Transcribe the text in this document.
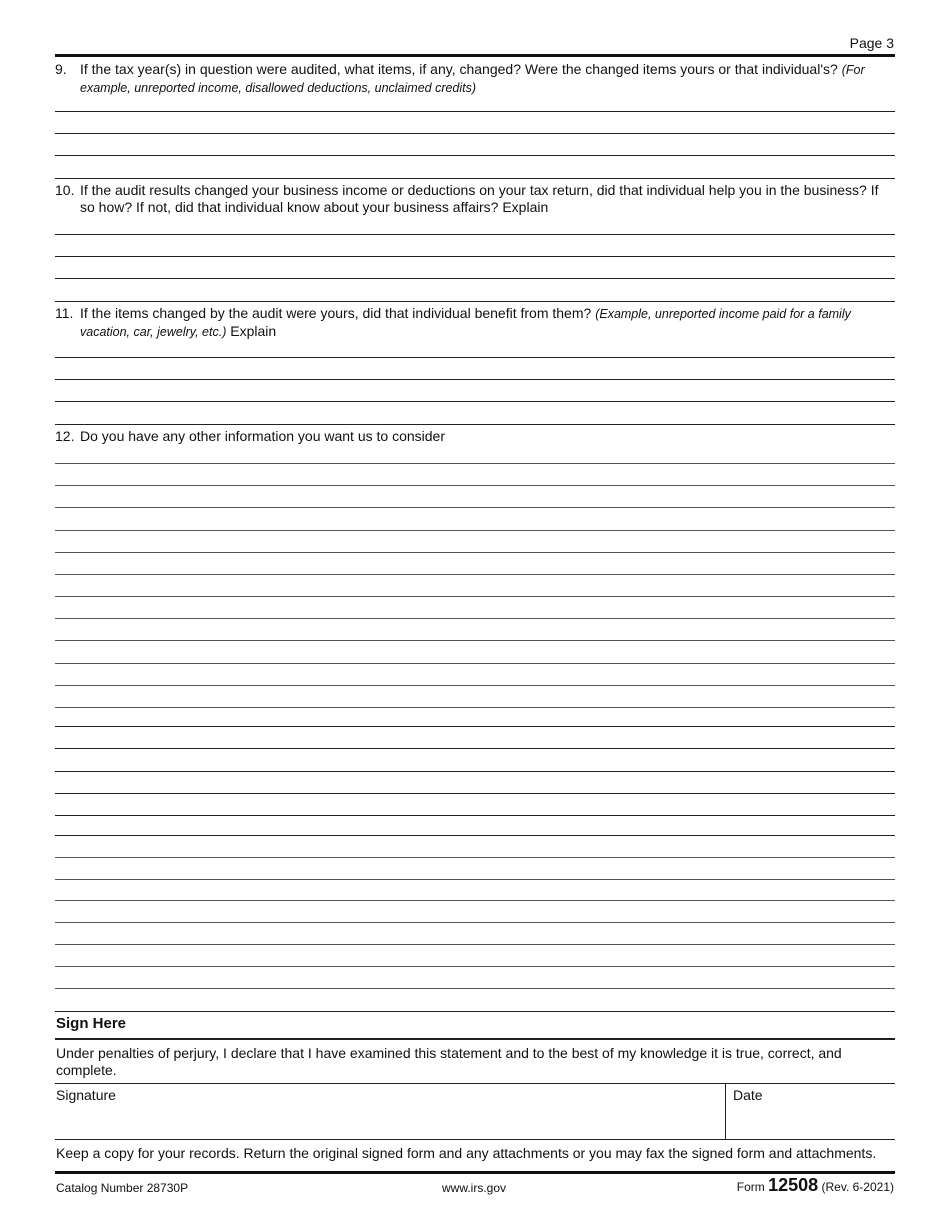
Page 3
9. If the tax year(s) in question were audited, what items, if any, changed? Were the changed items yours or that individual's? (For example, unreported income, disallowed deductions, unclaimed credits)
10. If the audit results changed your business income or deductions on your tax return, did that individual help you in the business? If so how? If not, did that individual know about your business affairs? Explain
11. If the items changed by the audit were yours, did that individual benefit from them? (Example, unreported income paid for a family vacation, car, jewelry, etc.) Explain
12. Do you have any other information you want us to consider
Sign Here
Under penalties of perjury, I declare that I have examined this statement and to the best of my knowledge it is true, correct, and complete.
Signature	Date
Keep a copy for your records. Return the original signed form and any attachments or you may fax the signed form and attachments.
Catalog Number 28730P	www.irs.gov	Form 12508 (Rev. 6-2021)
